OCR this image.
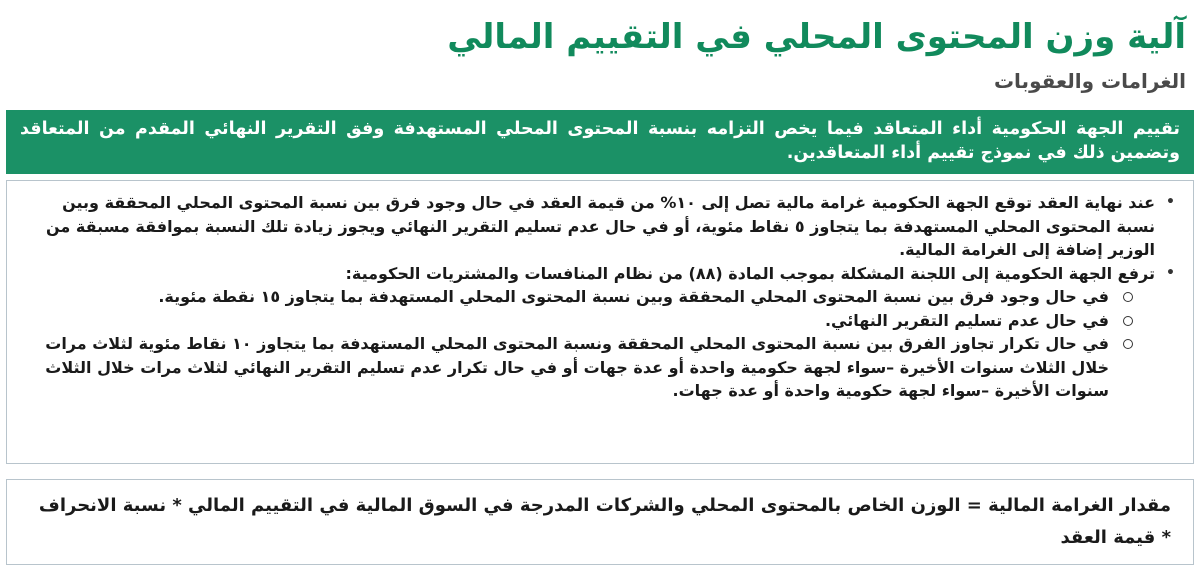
آلية وزن المحتوى المحلي في التقييم المالي
الغرامات والعقوبات
تقييم الجهة الحكومية أداء المتعاقد فيما يخص التزامه بنسبة المحتوى المحلي المستهدفة وفق التقرير النهائي المقدم من المتعاقد وتضمين ذلك في نموذج تقييم أداء المتعاقدين.
•
عند نهاية العقد توقع الجهة الحكومية غرامة مالية تصل إلى ١٠% من قيمة العقد في حال وجود فرق بين نسبة المحتوى المحلي المحققة وبين نسبة المحتوى المحلي المستهدفة بما يتجاوز ٥ نقاط مئوية، أو في حال عدم تسليم التقرير النهائي ويجوز زيادة تلك النسبة بموافقة مسبقة من الوزير إضافة إلى الغرامة المالية.
•
ترفع الجهة الحكومية إلى اللجنة المشكلة بموجب المادة (٨٨) من نظام المنافسات والمشتريات الحكومية:
في حال وجود فرق بين نسبة المحتوى المحلي المحققة وبين نسبة المحتوى المحلي المستهدفة بما يتجاوز ١٥ نقطة مئوية.
في حال عدم تسليم التقرير النهائي.
في حال تكرار تجاوز الفرق بين نسبة المحتوى المحلي المحققة ونسبة المحتوى المحلي المستهدفة بما يتجاوز ١٠ نقاط مئوية لثلاث مرات خلال الثلاث سنوات الأخيرة –سواء لجهة حكومية واحدة أو عدة جهات أو في حال تكرار عدم تسليم التقرير النهائي لثلاث مرات خلال الثلاث سنوات الأخيرة –سواء لجهة حكومية واحدة أو عدة جهات.
مقدار الغرامة المالية = الوزن الخاص بالمحتوى المحلي والشركات المدرجة في السوق المالية في التقييم المالي * نسبة الانحراف * قيمة العقد
